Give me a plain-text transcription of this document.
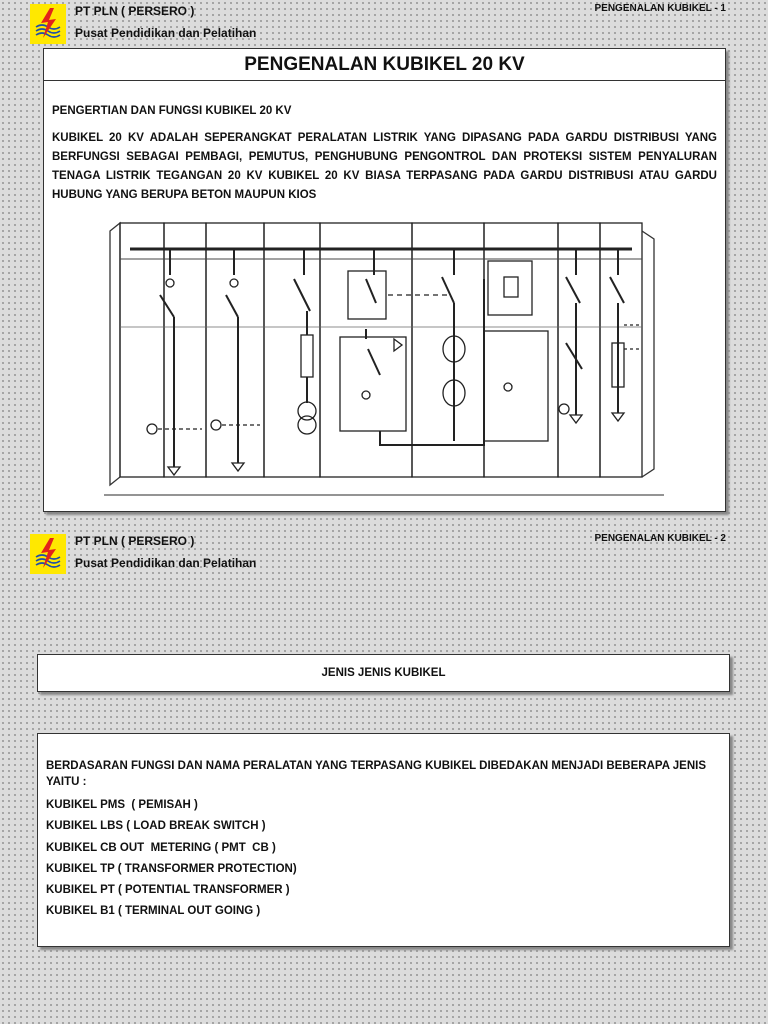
PT PLN ( PERSERO )
Pusat Pendidikan dan Pelatihan
PENGENALAN KUBIKEL - 1
PENGENALAN KUBIKEL 20 KV

PENGERTIAN DAN FUNGSI KUBIKEL 20 KV

KUBIKEL 20 KV ADALAH SEPERANGKAT PERALATAN LISTRIK YANG DIPASANG PADA GARDU DISTRIBUSI YANG BERFUNGSI SEBAGAI PEMBAGI, PEMUTUS, PENGHUBUNG PENGONTROL DAN PROTEKSI SISTEM PENYALURAN TENAGA LISTRIK TEGANGAN 20 KV KUBIKEL 20 KV BIASA TERPASANG PADA GARDU DISTRIBUSI ATAU GARDU HUBUNG YANG BERUPA BETON MAUPUN KIOS

PT PLN ( PERSERO )
Pusat Pendidikan dan Pelatihan
PENGENALAN KUBIKEL - 2
JENIS JENIS KUBIKEL

BERDASARAN FUNGSI DAN NAMA PERALATAN YANG TERPASANG KUBIKEL DIBEDAKAN MENJADI BEBERAPA JENIS YAITU :

KUBIKEL PMS  ( PEMISAH )
KUBIKEL LBS ( LOAD BREAK SWITCH )
KUBIKEL CB OUT  METERING ( PMT  CB )
KUBIKEL TP ( TRANSFORMER PROTECTION)
KUBIKEL PT ( POTENTIAL TRANSFORMER )
KUBIKEL B1 ( TERMINAL OUT GOING )
